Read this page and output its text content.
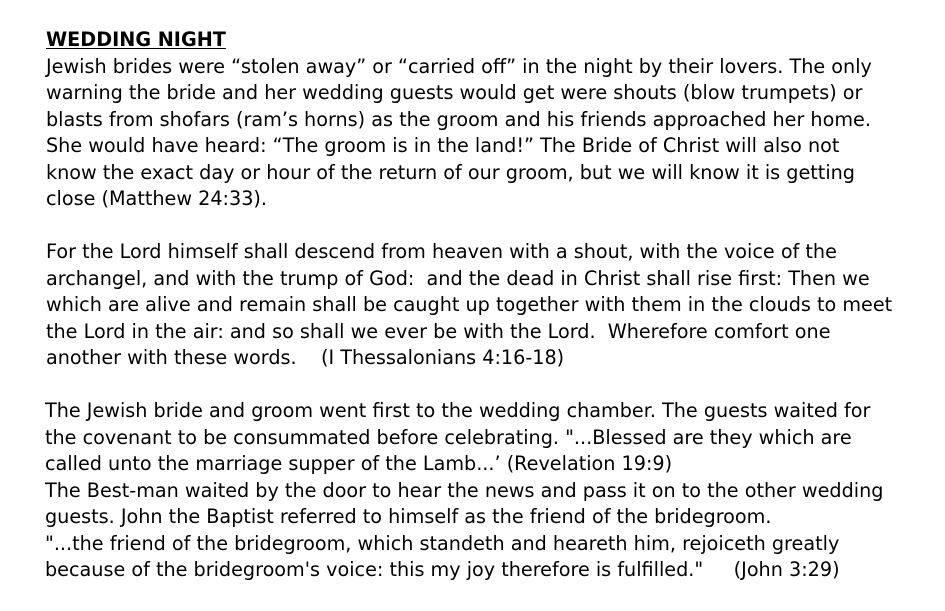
WEDDING NIGHT
Jewish brides were “stolen away” or “carried off” in the night by their lovers. The only
warning the bride and her wedding guests would get were shouts (blow trumpets) or
blasts from shofars (ram’s horns) as the groom and his friends approached her home.
She would have heard: “The groom is in the land!” The Bride of Christ will also not
know the exact day or hour of the return of our groom, but we will know it is getting
close (Matthew 24:33).
For the Lord himself shall descend from heaven with a shout, with the voice of the
archangel, and with the trump of God:  and the dead in Christ shall rise first: Then we
which are alive and remain shall be caught up together with them in the clouds to meet
the Lord in the air: and so shall we ever be with the Lord.  Wherefore comfort one
another with these words.    (I Thessalonians 4:16-18)
The Jewish bride and groom went first to the wedding chamber. The guests waited for
the covenant to be consummated before celebrating. "...Blessed are they which are
called unto the marriage supper of the Lamb...’ (Revelation 19:9)
The Best-man waited by the door to hear the news and pass it on to the other wedding
guests. John the Baptist referred to himself as the friend of the bridegroom.
"...the friend of the bridegroom, which standeth and heareth him, rejoiceth greatly
because of the bridegroom's voice: this my joy therefore is fulfilled."     (John 3:29)
